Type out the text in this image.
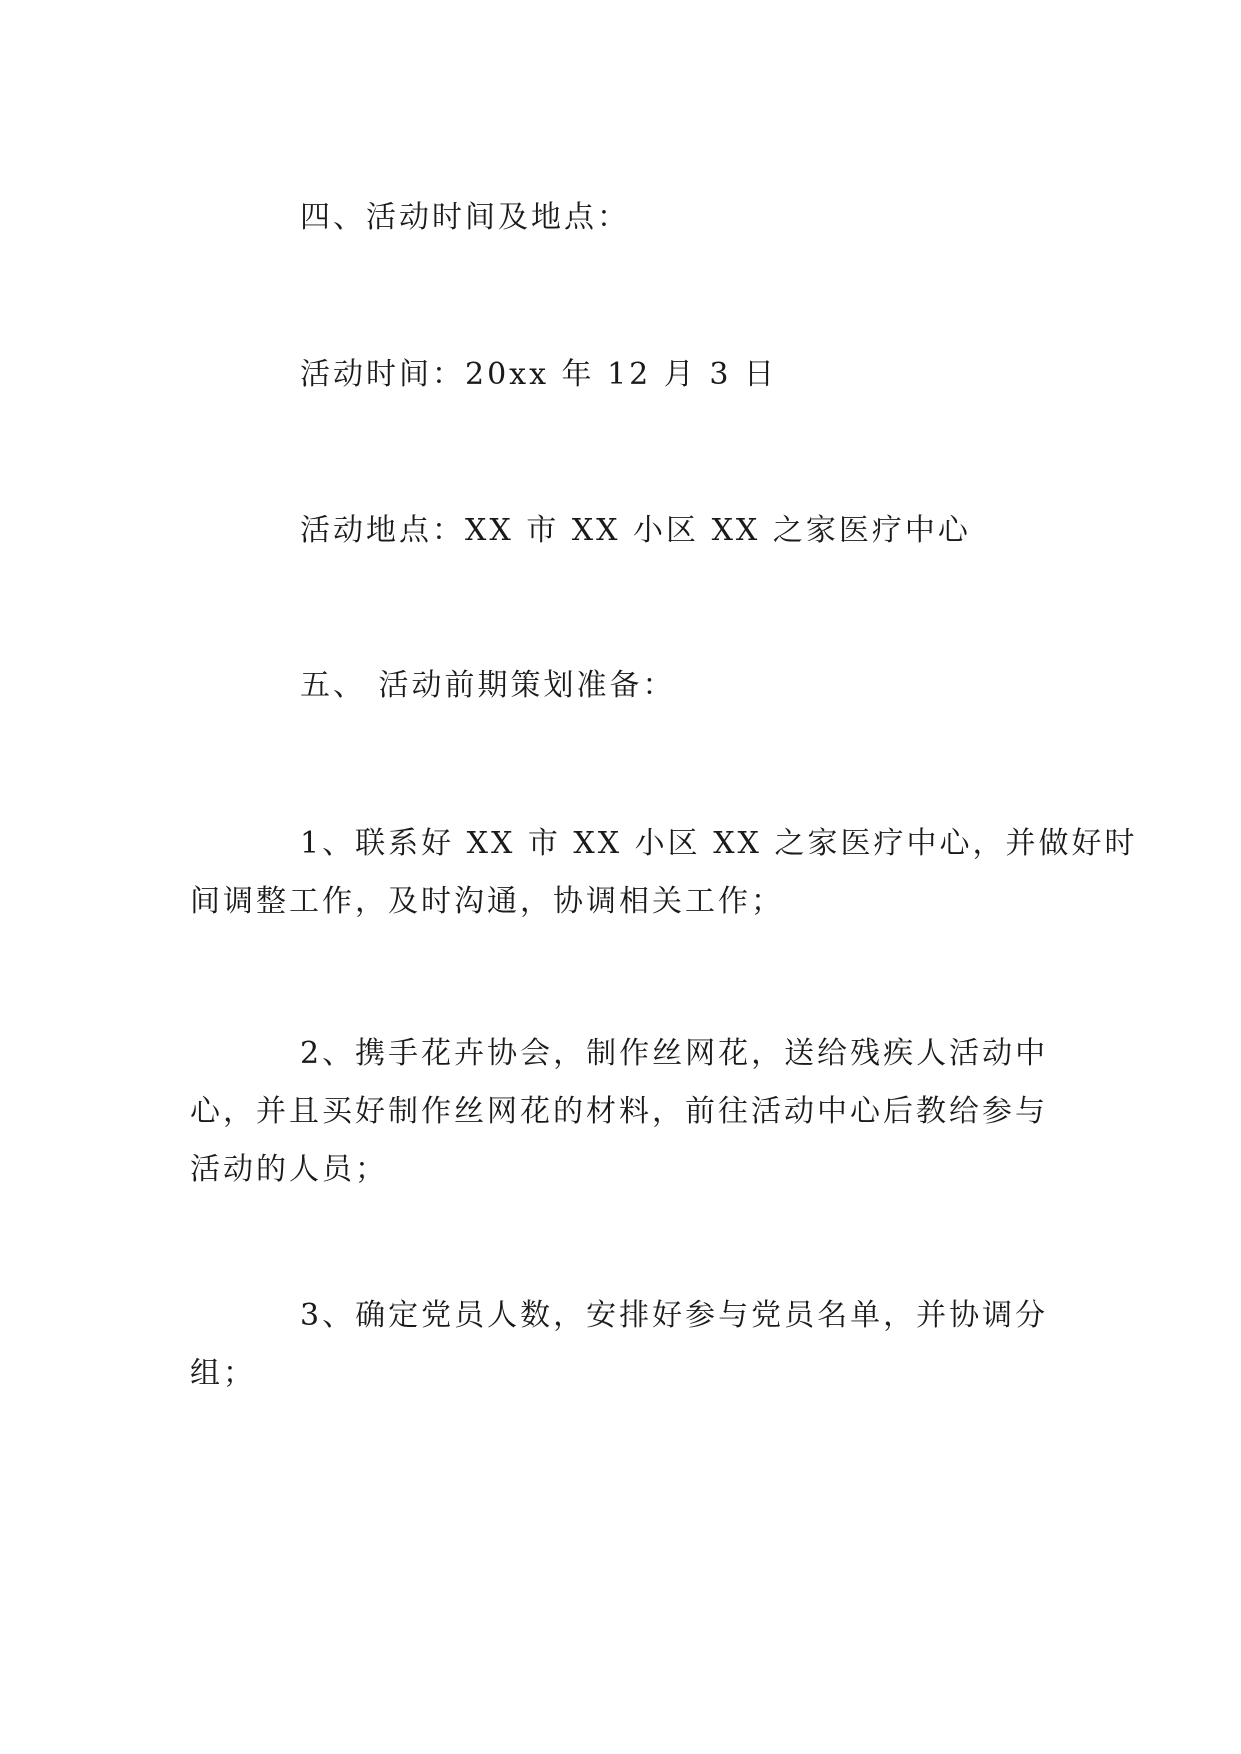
四、活动时间及地点：
活动时间：20xx 年 12 月 3 日
活动地点：XX 市 XX 小区 XX 之家医疗中心
五、 活动前期策划准备：
1、联系好 XX 市 XX 小区 XX 之家医疗中心，并做好时
间调整工作，及时沟通，协调相关工作；
2、携手花卉协会，制作丝网花，送给残疾人活动中
心，并且买好制作丝网花的材料，前往活动中心后教给参与
活动的人员；
3、确定党员人数，安排好参与党员名单，并协调分
组；
